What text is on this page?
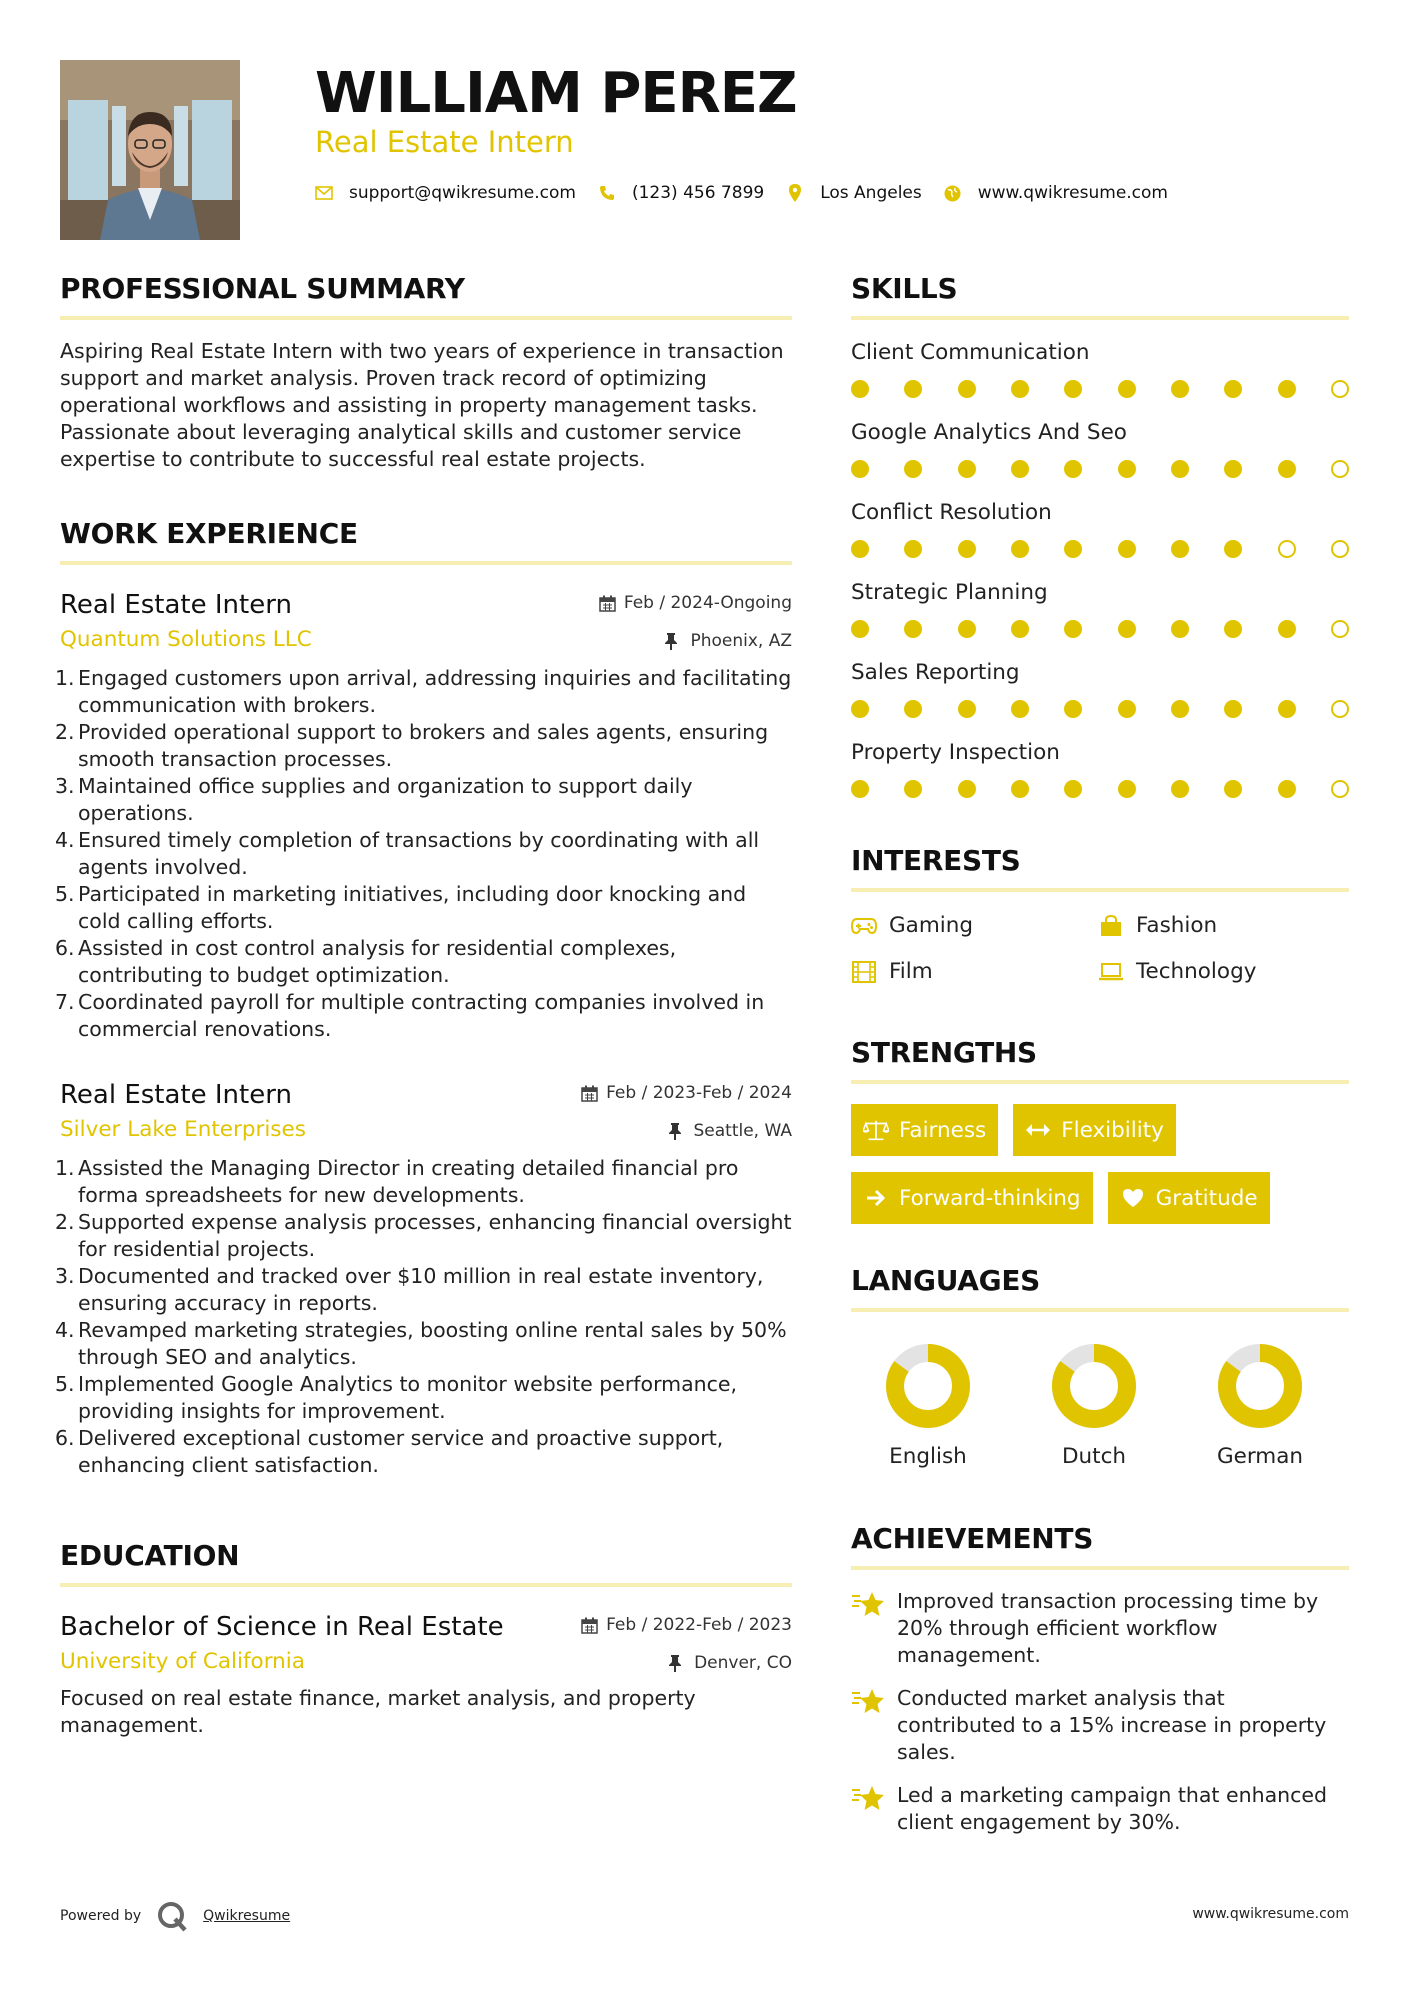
WILLIAM PEREZ
Real Estate Intern
support@qwikresume.com	(123) 456 7899	Los Angeles	www.qwikresume.com
PROFESSIONAL SUMMARY

Aspiring Real Estate Intern with two years of experience in transaction support and market analysis. Proven track record of optimizing operational workflows and assisting in property management tasks. Passionate about leveraging analytical skills and customer service expertise to contribute to successful real estate projects.

WORK EXPERIENCE
Real Estate Intern	Feb / 2024-Ongoing
Quantum Solutions LLC	Phoenix, AZ
1. Engaged customers upon arrival, addressing inquiries and facilitating communication with brokers.
2. Provided operational support to brokers and sales agents, ensuring smooth transaction processes.
3. Maintained office supplies and organization to support daily operations.
4. Ensured timely completion of transactions by coordinating with all agents involved.
5. Participated in marketing initiatives, including door knocking and cold calling efforts.
6. Assisted in cost control analysis for residential complexes, contributing to budget optimization.
7. Coordinated payroll for multiple contracting companies involved in commercial renovations.
Real Estate Intern	Feb / 2023-Feb / 2024
Silver Lake Enterprises	Seattle, WA
1. Assisted the Managing Director in creating detailed financial pro forma spreadsheets for new developments.
2. Supported expense analysis processes, enhancing financial oversight for residential projects.
3. Documented and tracked over $10 million in real estate inventory, ensuring accuracy in reports.
4. Revamped marketing strategies, boosting online rental sales by 50% through SEO and analytics.
5. Implemented Google Analytics to monitor website performance, providing insights for improvement.
6. Delivered exceptional customer service and proactive support, enhancing client satisfaction.
EDUCATION
Bachelor of Science in Real Estate	Feb / 2022-Feb / 2023
University of California	Denver, CO

Focused on real estate finance, market analysis, and property management.

SKILLS
Client Communication
Google Analytics And Seo
Conflict Resolution
Strategic Planning
Sales Reporting
Property Inspection
INTERESTS
Gaming	Fashion
Film	Technology
STRENGTHS
Fairness	Flexibility
Forward-thinking	Gratitude
LANGUAGES
English	Dutch	German
ACHIEVEMENTS
Improved transaction processing time by 20% through efficient workflow management.
Conducted market analysis that contributed to a 15% increase in property sales.
Led a marketing campaign that enhanced client engagement by 30%.
Powered by	Qwikresume	www.qwikresume.com
